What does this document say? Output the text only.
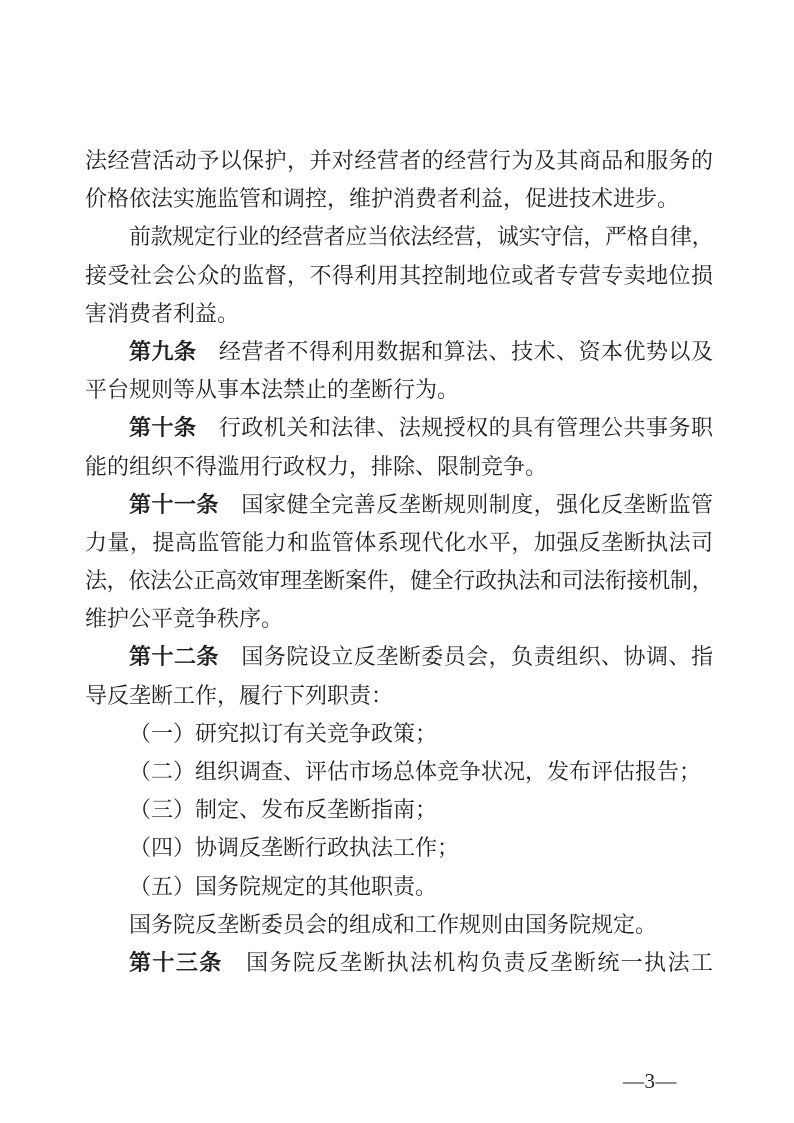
法经营活动予以保护，并对经营者的经营行为及其商品和服务的
价格依法实施监管和调控，维护消费者利益，促进技术进步。
前款规定行业的经营者应当依法经营，诚实守信，严格自律，
接受社会公众的监督，不得利用其控制地位或者专营专卖地位损
害消费者利益。
第九条　经营者不得利用数据和算法、技术、资本优势以及
平台规则等从事本法禁止的垄断行为。
第十条　行政机关和法律、法规授权的具有管理公共事务职
能的组织不得滥用行政权力，排除、限制竞争。
第十一条　国家健全完善反垄断规则制度，强化反垄断监管
力量，提高监管能力和监管体系现代化水平，加强反垄断执法司
法，依法公正高效审理垄断案件，健全行政执法和司法衔接机制，
维护公平竞争秩序。
第十二条　国务院设立反垄断委员会，负责组织、协调、指
导反垄断工作，履行下列职责：
（一）研究拟订有关竞争政策；
（二）组织调查、评估市场总体竞争状况，发布评估报告；
（三）制定、发布反垄断指南；
（四）协调反垄断行政执法工作；
（五）国务院规定的其他职责。
国务院反垄断委员会的组成和工作规则由国务院规定。
第十三条　国务院反垄断执法机构负责反垄断统一执法工
—3—
